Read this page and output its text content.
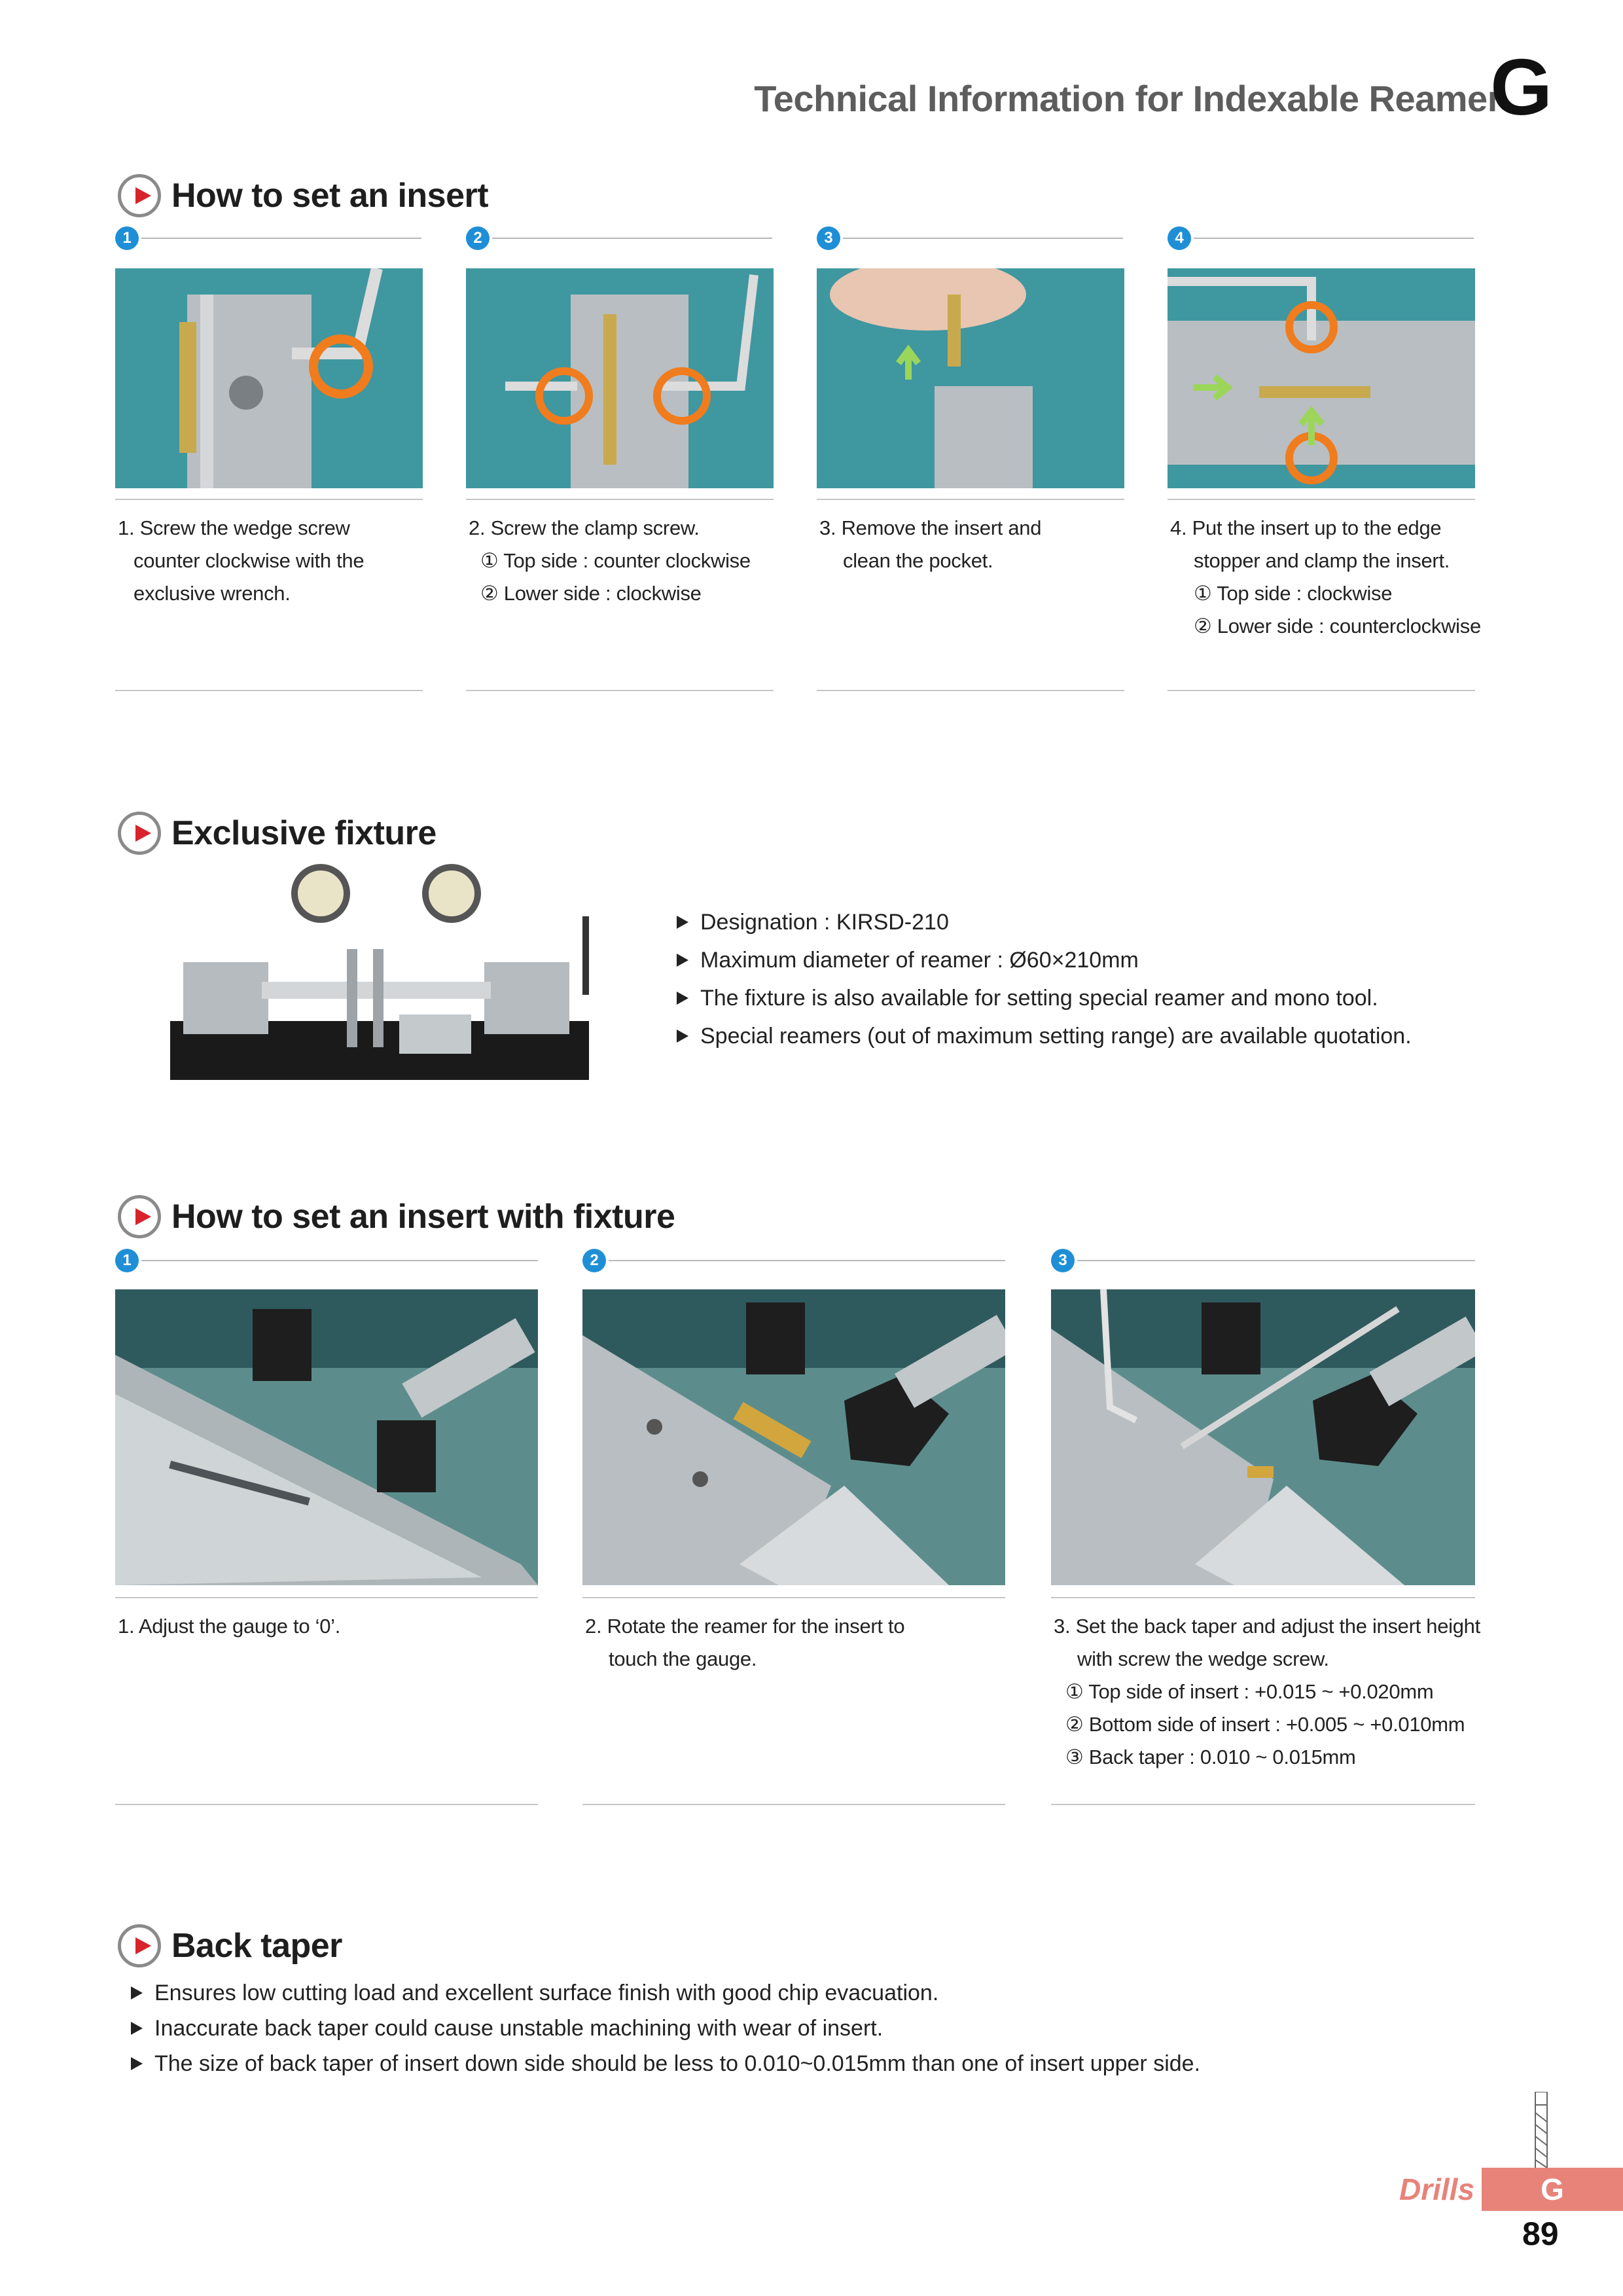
Technical Information for Indexable Reamer
G
How to set an insert
1	2	3	4
1. Screw the wedge screw
counter clockwise with the
exclusive wrench.
2. Screw the clamp screw.
① Top side : counter clockwise
② Lower side : clockwise
3. Remove the insert and
clean the pocket.
4. Put the insert up to the edge
stopper and clamp the insert.
① Top side : clockwise
② Lower side : counterclockwise
Exclusive fixture
Designation : KIRSD-210
Maximum diameter of reamer : Ø60×210mm
The fixture is also available for setting special reamer and mono tool.
Special reamers (out of maximum setting range) are available quotation.
How to set an insert with fixture
1	2	3
1. Adjust the gauge to ‘0’.	2. Rotate the reamer for the insert to
touch the gauge.
3. Set the back taper and adjust the insert height
with screw the wedge screw.
① Top side of insert : +0.015 ~ +0.020mm
② Bottom side of insert : +0.005 ~ +0.010mm
③ Back taper : 0.010 ~ 0.015mm
Back taper
Ensures low cutting load and excellent surface finish with good chip evacuation.
Inaccurate back taper could cause unstable machining with wear of insert.
The size of back taper of insert down side should be less to 0.010~0.015mm than one of insert upper side.
Drills	G
89
